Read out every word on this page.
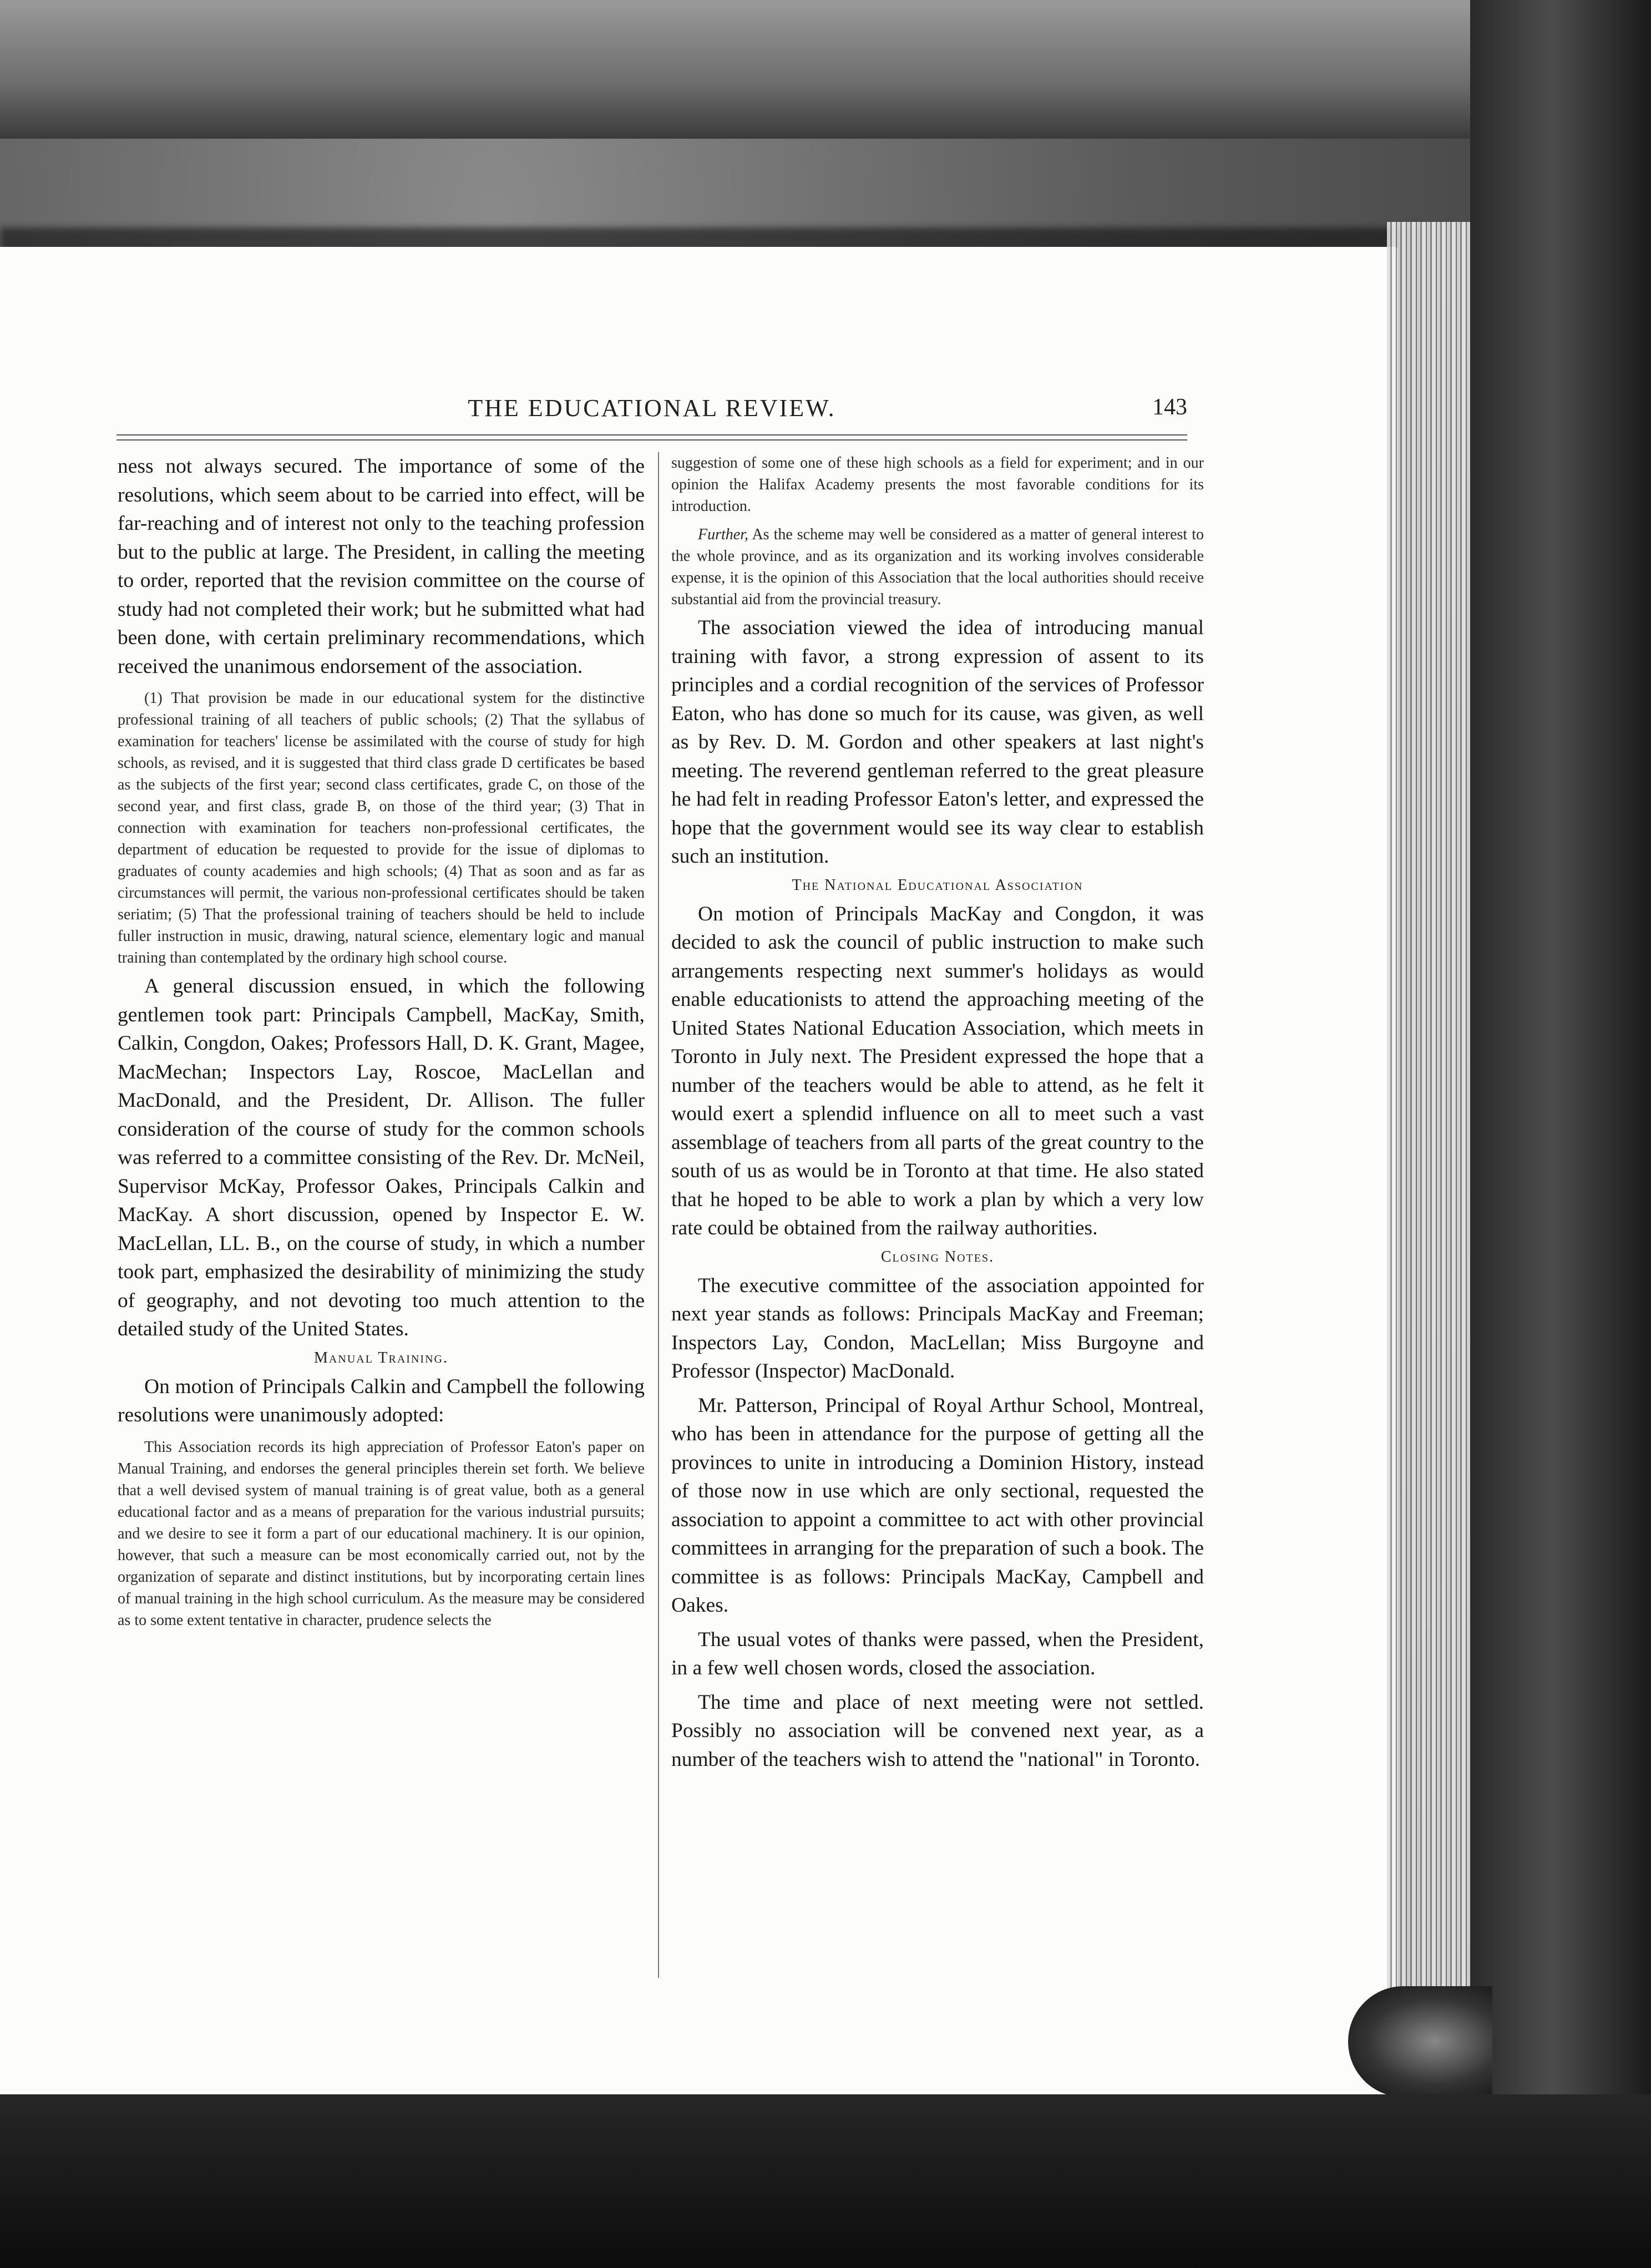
THE EDUCATIONAL REVIEW.	143

ness not always secured. The importance of some of the resolutions, which seem about to be carried into effect, will be far-reaching and of interest not only to the teaching profession but to the public at large. The President, in calling the meeting to order, reported that the revision committee on the course of study had not completed their work; but he submitted what had been done, with certain preliminary recommendations, which received the unanimous endorsement of the association.

(1) That provision be made in our educational system for the distinctive professional training of all teachers of public schools; (2) That the syllabus of examination for teachers' license be assimilated with the course of study for high schools, as revised, and it is suggested that third class grade D certificates be based as the subjects of the first year; second class certificates, grade C, on those of the second year, and first class, grade B, on those of the third year; (3) That in connection with examination for teachers non-professional certificates, the department of education be requested to provide for the issue of diplomas to graduates of county academies and high schools; (4) That as soon and as far as circumstances will permit, the various non-professional certificates should be taken seriatim; (5) That the professional training of teachers should be held to include fuller instruction in music, drawing, natural science, elementary logic and manual training than contemplated by the ordinary high school course.

A general discussion ensued, in which the following gentlemen took part: Principals Campbell, MacKay, Smith, Calkin, Congdon, Oakes; Professors Hall, D. K. Grant, Magee, MacMechan; Inspectors Lay, Roscoe, MacLellan and MacDonald, and the President, Dr. Allison. The fuller consideration of the course of study for the common schools was referred to a committee consisting of the Rev. Dr. McNeil, Supervisor McKay, Professor Oakes, Principals Calkin and MacKay. A short discussion, opened by Inspector E. W. MacLellan, LL. B., on the course of study, in which a number took part, emphasized the desirability of minimizing the study of geography, and not devoting too much attention to the detailed study of the United States.

Manual Training.

On motion of Principals Calkin and Campbell the following resolutions were unanimously adopted:

This Association records its high appreciation of Professor Eaton's paper on Manual Training, and endorses the general principles therein set forth. We believe that a well devised system of manual training is of great value, both as a general educational factor and as a means of preparation for the various industrial pursuits; and we desire to see it form a part of our educational machinery. It is our opinion, however, that such a measure can be most economically carried out, not by the organization of separate and distinct institutions, but by incorporating certain lines of manual training in the high school curriculum. As the measure may be considered as to some extent tentative in character, prudence selects the

suggestion of some one of these high schools as a field for experiment; and in our opinion the Halifax Academy presents the most favorable conditions for its introduction.

Further, As the scheme may well be considered as a matter of general interest to the whole province, and as its organization and its working involves considerable expense, it is the opinion of this Association that the local authorities should receive substantial aid from the provincial treasury.

The association viewed the idea of introducing manual training with favor, a strong expression of assent to its principles and a cordial recognition of the services of Professor Eaton, who has done so much for its cause, was given, as well as by Rev. D. M. Gordon and other speakers at last night's meeting. The reverend gentleman referred to the great pleasure he had felt in reading Professor Eaton's letter, and expressed the hope that the government would see its way clear to establish such an institution.

The National Educational Association

On motion of Principals MacKay and Congdon, it was decided to ask the council of public instruction to make such arrangements respecting next summer's holidays as would enable educationists to attend the approaching meeting of the United States National Education Association, which meets in Toronto in July next. The President expressed the hope that a number of the teachers would be able to attend, as he felt it would exert a splendid influence on all to meet such a vast assemblage of teachers from all parts of the great country to the south of us as would be in Toronto at that time. He also stated that he hoped to be able to work a plan by which a very low rate could be obtained from the railway authorities.

Closing Notes.

The executive committee of the association appointed for next year stands as follows: Principals MacKay and Freeman; Inspectors Lay, Condon, MacLellan; Miss Burgoyne and Professor (Inspector) MacDonald.

Mr. Patterson, Principal of Royal Arthur School, Montreal, who has been in attendance for the purpose of getting all the provinces to unite in introducing a Dominion History, instead of those now in use which are only sectional, requested the association to appoint a committee to act with other provincial committees in arranging for the preparation of such a book. The committee is as follows: Principals MacKay, Campbell and Oakes.

The usual votes of thanks were passed, when the President, in a few well chosen words, closed the association.

The time and place of next meeting were not settled. Possibly no association will be convened next year, as a number of the teachers wish to attend the "national" in Toronto.
